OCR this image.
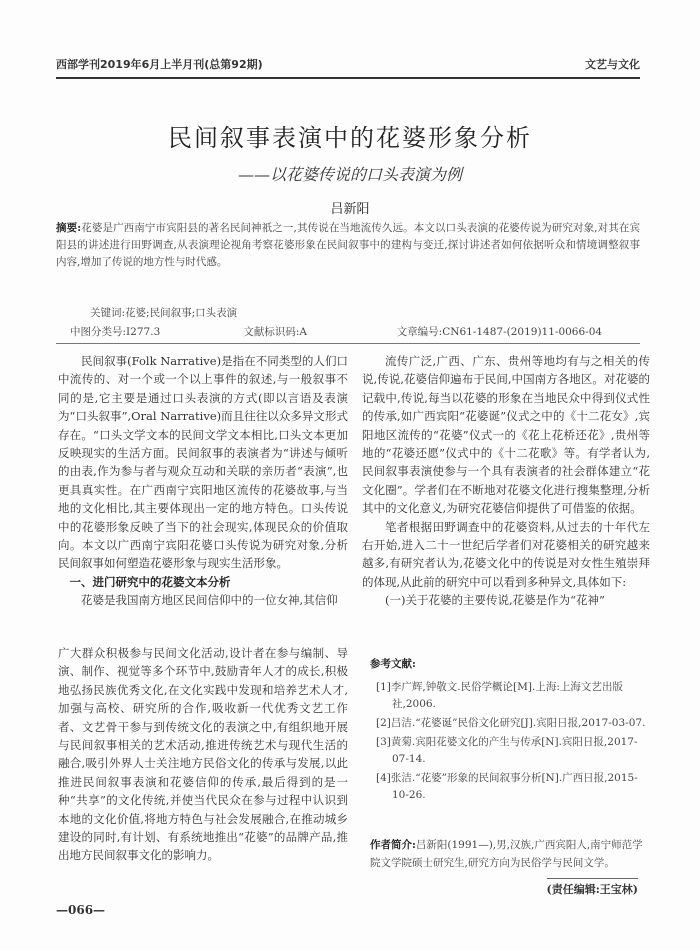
西部学刊2019年6月上半月刊(总第92期)	文艺与文化
民间叙事表演中的花婆形象分析
——以花婆传说的口头表演为例
吕新阳
摘要:花婆是广西南宁市宾阳县的著名民间神祇之一,其传说在当地流传久远。本文以口头表演的花婆传说为研究对象,对其在宾阳县的讲述进行田野调查,从表演理论视角考察花婆形象在民间叙事中的建构与变迁,探讨讲述者如何依据听众和情境调整叙事内容,增加了传说的地方性与时代感。
关键词:花婆;民间叙事;口头表演
中图分类号:I277.3	文献标识码:A	文章编号:CN61-1487-(2019)11-0066-04

民间叙事(Folk Narrative)是指在不同类型的人们口中流传的、对一个或一个以上事件的叙述,与一般叙事不同的是,它主要是通过口头表演的方式(即以言语及表演为“口头叙事”,Oral Narrative)而且往往以众多异文形式存在。“口头文学文本的民间文学文本相比,口头文本更加反映现实的生活方面。民间叙事的表演者为“讲述与倾听的由表,作为参与者与观众互动和关联的亲历者“表演”,也更具真实性。在广西南宁宾阳地区流传的花婆故事,与当地的文化相比,其主要体现出一定的地方特色。口头传说中的花婆形象反映了当下的社会现实,体现民众的价值取向。本文以广西南宁宾阳花婆口头传说为研究对象,分析民间叙事如何塑造花婆形象与现实生活形象。

一、进门研究中的花婆文本分析

花婆是我国南方地区民间信仰中的一位女神,其信仰

流传广泛,广西、广东、贵州等地均有与之相关的传说,传说,花婆信仰遍布于民间,中国南方各地区。对花婆的记载中,传说,每当以花婆的形象在当地民众中得到仪式性的传承,如广西宾阳“花婆诞”仪式之中的《十二花女》,宾阳地区流传的“花婆”仪式一的《花上花桥还花》,贵州等地的“花婆还愿”仪式中的《十二花歌》等。有学者认为,民间叙事表演使参与一个具有表演者的社会群体建立“花文化圈”。学者们在不断地对花婆文化进行搜集整理,分析其中的文化意义,为研究花婆信仰提供了可借鉴的依据。

笔者根据田野调查中的花婆资料,从过去的十年代左右开始,进入二十一世纪后学者们对花婆相关的研究越来越多,有研究者认为,花婆文化中的传说是对女性生殖崇拜的体现,从此前的研究中可以看到多种异文,具体如下:

(一)关于花婆的主要传说,花婆是作为“花神”

广大群众积极参与民间文化活动,设计者在参与编制、导演、制作、视觉等多个环节中,鼓励青年人才的成长,积极地弘扬民族优秀文化,在文化实践中发现和培养艺术人才,加强与高校、研究所的合作,吸收新一代优秀文艺工作者、文艺骨干参与到传统文化的表演之中,有组织地开展与民间叙事相关的艺术活动,推进传统艺术与现代生活的融合,吸引外界人士关注地方民俗文化的传承与发展,以此推进民间叙事表演和花婆信仰的传承,最后得到的是一种“共享”的文化传统,并使当代民众在参与过程中认识到本地的文化价值,将地方特色与社会发展融合,在推动城乡建设的同时,有计划、有系统地推出“花婆”的品牌产品,推出地方民间叙事文化的影响力。

参考文献:
[1]李广辉,钟敬文.民俗学概论[M].上海:上海文艺出版社,2006.
[2]吕洁.“花婆诞”民俗文化研究[J].宾阳日报,2017-03-07.
[3]黄菊.宾阳花婆文化的产生与传承[N].宾阳日报,2017-07-14.
[4]张洁.“花婆”形象的民间叙事分析[N].广西日报,2015-10-26.
作者简介:吕新阳(1991—),男,汉族,广西宾阳人,南宁师范学院文学院硕士研究生,研究方向为民俗学与民间文学。
(责任编辑:王宝林)
—066—
